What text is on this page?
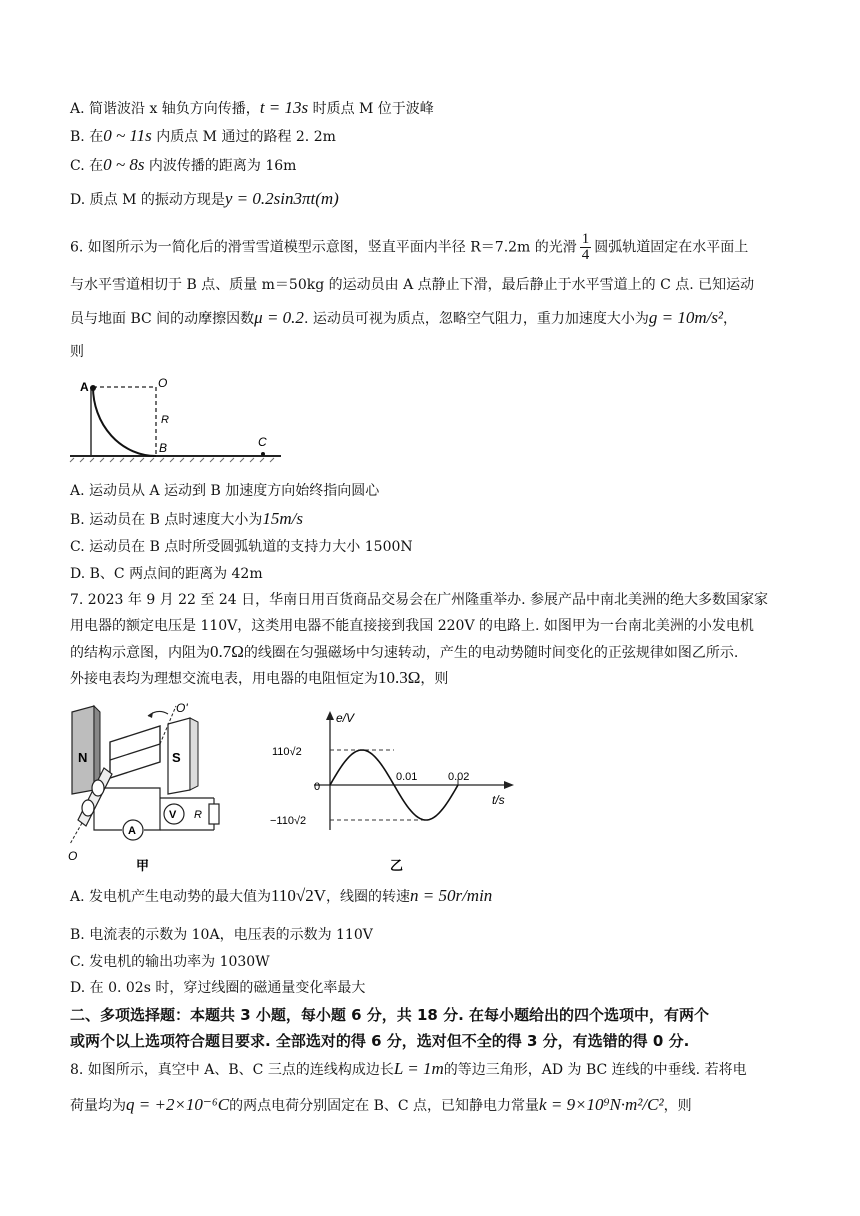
A. 简谐波沿 x 轴负方向传播，t = 13s 时质点 M 位于波峰
B. 在0 ~ 11s 内质点 M 通过的路程 2. 2m
C. 在0 ~ 8s 内波传播的距离为 16m
D. 质点 M 的振动方现是y = 0.2sin3πt(m)
6. 如图所示为一简化后的滑雪雪道模型示意图，竖直平面内半径 R＝7.2m 的光滑 $\frac{1}{4}$ 圆弧轨道固定在水平面上
与水平雪道相切于 B 点、质量 m＝50kg 的运动员由 A 点静止下滑，最后静止于水平雪道上的 C 点. 已知运动
员与地面 BC 间的动摩擦因数μ = 0.2. 运动员可视为质点，忽略空气阻力，重力加速度大小为g = 10m/s²，
则
A	O
R
B	C
A. 运动员从 A 运动到 B 加速度方向始终指向圆心
B. 运动员在 B 点时速度大小为15m/s
C. 运动员在 B 点时所受圆弧轨道的支持力大小 1500N
D. B、C 两点间的距离为 42m
7. 2023 年 9 月 22 至 24 日，华南日用百货商品交易会在广州隆重举办. 参展产品中南北美洲的绝大多数国家家
用电器的额定电压是 110V，这类用电器不能直接接到我国 220V 的电路上. 如图甲为一台南北美洲的小发电机
的结构示意图，内阻为0.7Ω的线圈在匀强磁场中匀速转动，产生的电动势随时间变化的正弦规律如图乙所示.
外接电表均为理想交流电表，用电器的电阻恒定为10.3Ω，则
N	S
O'
O
A
V R
甲
e/V
t/s
110√2
−110√2
0
0.01	0.02
乙
A. 发电机产生电动势的最大值为110√2V，线圈的转速n = 50r/min
B. 电流表的示数为 10A，电压表的示数为 110V
C. 发电机的输出功率为 1030W
D. 在 0. 02s 时，穿过线圈的磁通量变化率最大
二、多项选择题：本题共 3 小题，每小题 6 分，共 18 分. 在每小题给出的四个选项中，有两个
或两个以上选项符合题目要求. 全部选对的得 6 分，选对但不全的得 3 分，有选错的得 0 分.
8. 如图所示，真空中 A、B、C 三点的连线构成边长L = 1m的等边三角形，AD 为 BC 连线的中垂线. 若将电
荷量均为q = +2×10⁻⁶C的两点电荷分别固定在 B、C 点，已知静电力常量k = 9×10⁹N·m²/C²，则
